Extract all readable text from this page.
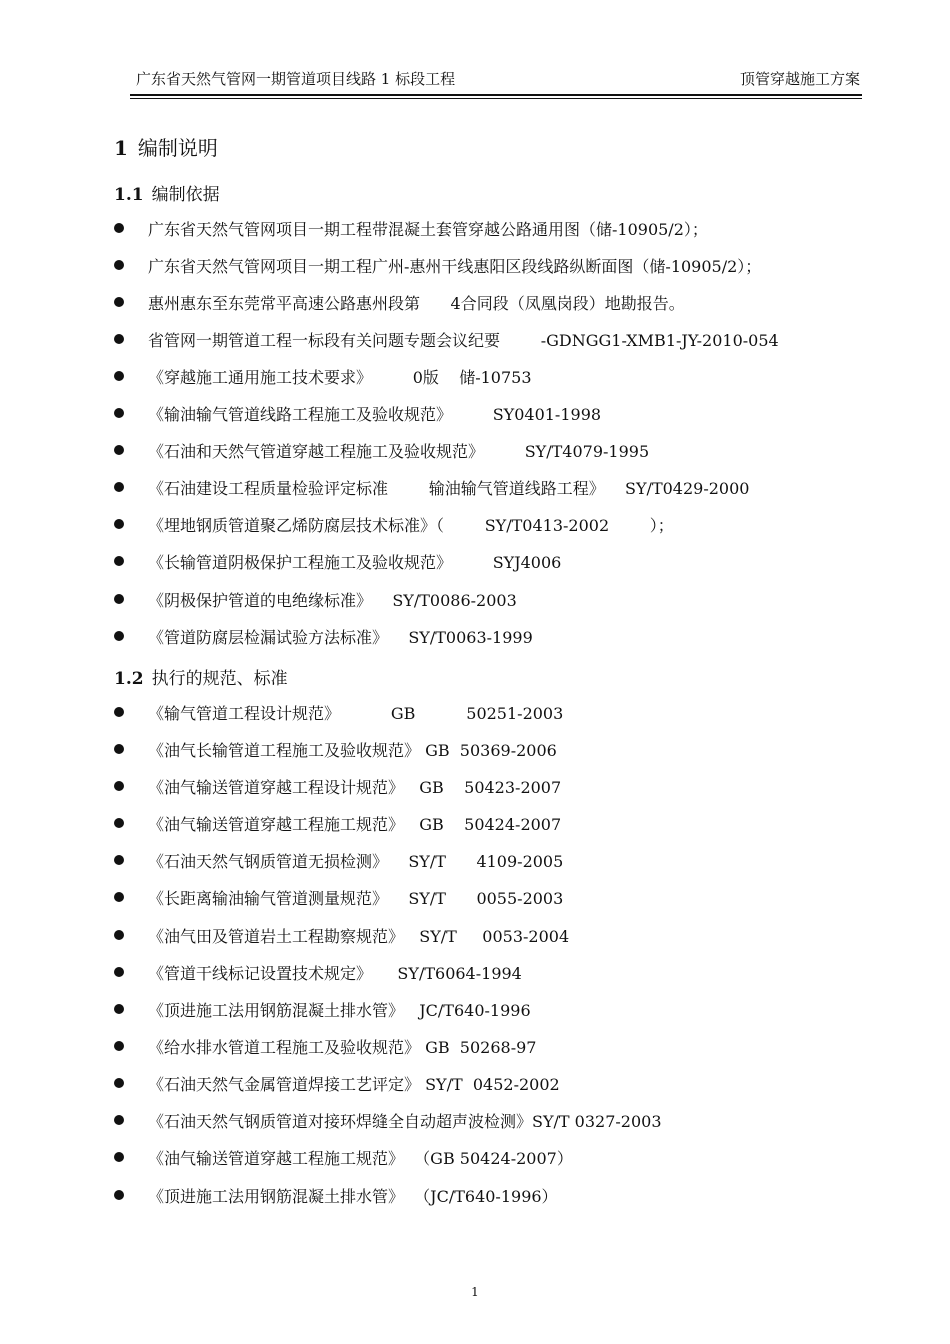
广东省天然气管网一期管道项目线路 1 标段工程	顶管穿越施工方案
1 编制说明
1.1 编制依据
广东省天然气管网项目一期工程带混凝土套管穿越公路通用图（储-10905/2）；
广东省天然气管网项目一期工程广州-惠州干线惠阳区段线路纵断面图（储-10905/2）；
惠州惠东至东莞常平高速公路惠州段第      4合同段（凤凰岗段）地勘报告。
省管网一期管道工程一标段有关问题专题会议纪要        -GDNGG1-XMB1-JY-2010-054
《穿越施工通用施工技术要求》        0版    储-10753
《输油输气管道线路工程施工及验收规范》        SY0401-1998
《石油和天然气管道穿越工程施工及验收规范》        SY/T4079-1995
《石油建设工程质量检验评定标准        输油输气管道线路工程》    SY/T0429-2000
《埋地钢质管道聚乙烯防腐层技术标准》（        SY/T0413-2002        ）；
《长输管道阴极保护工程施工及验收规范》        SYJ4006
《阴极保护管道的电绝缘标准》    SY/T0086-2003
《管道防腐层检漏试验方法标准》    SY/T0063-1999
1.2 执行的规范、标准
《输气管道工程设计规范》          GB          50251-2003
《油气长输管道工程施工及验收规范》 GB  50369-2006
《油气输送管道穿越工程设计规范》   GB    50423-2007
《油气输送管道穿越工程施工规范》   GB    50424-2007
《石油天然气钢质管道无损检测》    SY/T      4109-2005
《长距离输油输气管道测量规范》    SY/T      0055-2003
《油气田及管道岩土工程勘察规范》   SY/T     0053-2004
《管道干线标记设置技术规定》     SY/T6064-1994
《顶进施工法用钢筋混凝土排水管》   JC/T640-1996
《给水排水管道工程施工及验收规范》 GB  50268-97
《石油天然气金属管道焊接工艺评定》 SY/T  0452-2002
《石油天然气钢质管道对接环焊缝全自动超声波检测》SY/T 0327-2003
《油气输送管道穿越工程施工规范》  （GB 50424-2007）
《顶进施工法用钢筋混凝土排水管》  （JC/T640-1996）
1
